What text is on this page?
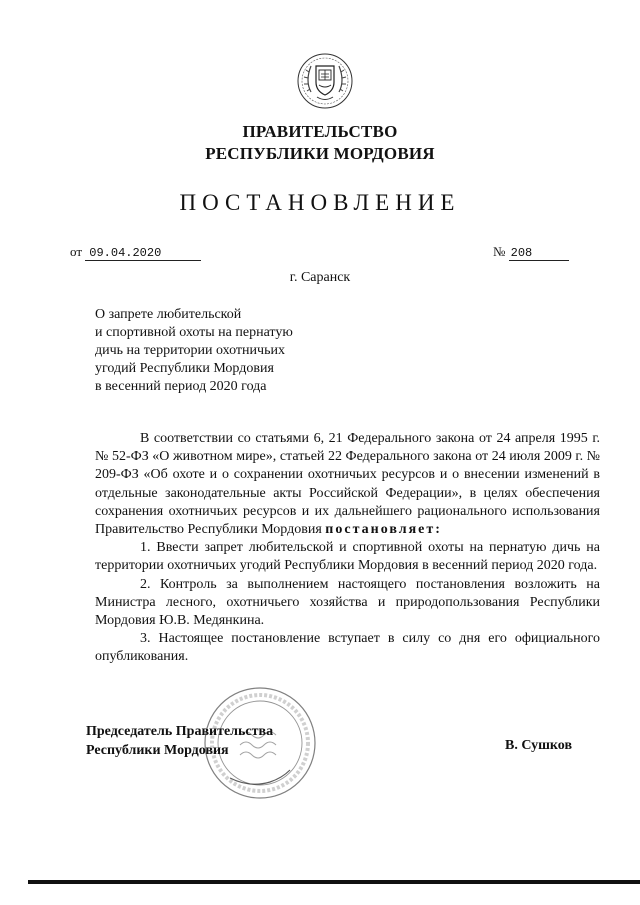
ПРАВИТЕЛЬСТВО
РЕСПУБЛИКИ МОРДОВИЯ
ПОСТАНОВЛЕНИЕ
от 09.04.2020	№ 208
г. Саранск
О запрете любительской
и спортивной охоты на пернатую
дичь на территории охотничьих
угодий Республики Мордовия
в весенний период 2020 года

В соответствии со статьями 6, 21 Федерального закона от 24 апреля 1995 г. № 52-ФЗ «О животном мире», статьей 22 Федерального закона от 24 июля 2009 г. № 209-ФЗ «Об охоте и о сохранении охотничьих ресурсов и о внесении изменений в отдельные законодательные акты Российской Федерации», в целях обеспечения сохранения охотничьих ресурсов и их дальнейшего рационального использования Правительство Республики Мордовия постановляет:

1. Ввести запрет любительской и спортивной охоты на пернатую дичь на территории охотничьих угодий Республики Мордовия в весенний период 2020 года.

2. Контроль за выполнением настоящего постановления возложить на Министра лесного, охотничьего хозяйства и природопользования Республики Мордовия Ю.В. Медянкина.

3. Настоящее постановление вступает в силу со дня его официального опубликования.

Председатель Правительства
Республики Мордовия	В. Сушков
